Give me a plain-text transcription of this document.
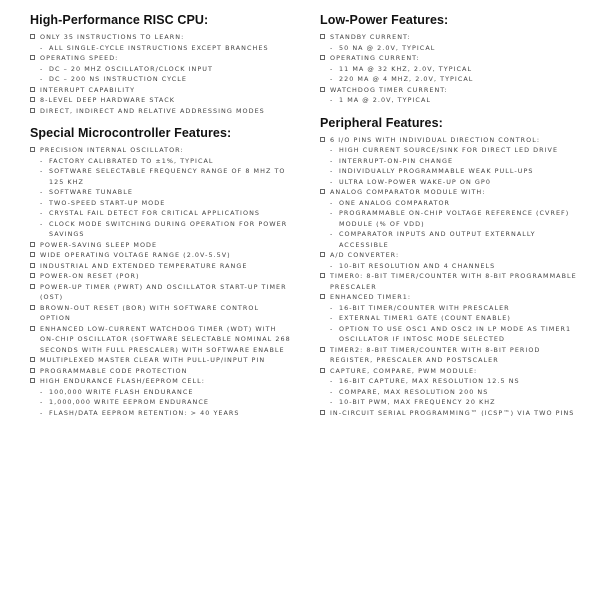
High-Performance RISC CPU:
ONLY 35 INSTRUCTIONS TO LEARN:
- ALL SINGLE-CYCLE INSTRUCTIONS EXCEPT BRANCHES
OPERATING SPEED:
- DC – 20 MHZ OSCILLATOR/CLOCK INPUT
- DC – 200 NS INSTRUCTION CYCLE
INTERRUPT CAPABILITY
8-LEVEL DEEP HARDWARE STACK
DIRECT, INDIRECT AND RELATIVE ADDRESSING MODES
Special Microcontroller Features:
PRECISION INTERNAL OSCILLATOR:
- FACTORY CALIBRATED TO ±1%, TYPICAL
- SOFTWARE SELECTABLE FREQUENCY RANGE OF 8 MHZ TO 125 KHZ
- SOFTWARE TUNABLE
- TWO-SPEED START-UP MODE
- CRYSTAL FAIL DETECT FOR CRITICAL APPLICATIONS
- CLOCK MODE SWITCHING DURING OPERATION FOR POWER SAVINGS
POWER-SAVING SLEEP MODE
WIDE OPERATING VOLTAGE RANGE (2.0V-5.5V)
INDUSTRIAL AND EXTENDED TEMPERATURE RANGE
POWER-ON RESET (POR)
POWER-UP TIMER (PWRT) AND OSCILLATOR START-UP TIMER (OST)
BROWN-OUT RESET (BOR) WITH SOFTWARE CONTROL OPTION
ENHANCED LOW-CURRENT WATCHDOG TIMER (WDT) WITH ON-CHIP OSCILLATOR (SOFTWARE SELECTABLE NOMINAL 268 SECONDS WITH FULL PRESCALER) WITH SOFTWARE ENABLE
MULTIPLEXED MASTER CLEAR WITH PULL-UP/INPUT PIN
PROGRAMMABLE CODE PROTECTION
HIGH ENDURANCE FLASH/EEPROM CELL:
- 100,000 WRITE FLASH ENDURANCE
- 1,000,000 WRITE EEPROM ENDURANCE
- FLASH/DATA EEPROM RETENTION: > 40 YEARS
Low-Power Features:
STANDBY CURRENT:
- 50 NA @ 2.0V, TYPICAL
OPERATING CURRENT:
- 11 ΜA @ 32 KHZ, 2.0V, TYPICAL
- 220 ΜA @ 4 MHZ, 2.0V, TYPICAL
WATCHDOG TIMER CURRENT:
- 1 ΜA @ 2.0V, TYPICAL
Peripheral Features:
6 I/O PINS WITH INDIVIDUAL DIRECTION CONTROL:
- HIGH CURRENT SOURCE/SINK FOR DIRECT LED DRIVE
- INTERRUPT-ON-PIN CHANGE
- INDIVIDUALLY PROGRAMMABLE WEAK PULL-UPS
- ULTRA LOW-POWER WAKE-UP ON GP0
ANALOG COMPARATOR MODULE WITH:
- ONE ANALOG COMPARATOR
- PROGRAMMABLE ON-CHIP VOLTAGE REFERENCE (CVREF) MODULE (% OF VDD)
- COMPARATOR INPUTS AND OUTPUT EXTERNALLY ACCESSIBLE
A/D CONVERTER:
- 10-BIT RESOLUTION AND 4 CHANNELS
TIMER0: 8-BIT TIMER/COUNTER WITH 8-BIT PROGRAMMABLE PRESCALER
ENHANCED TIMER1:
- 16-BIT TIMER/COUNTER WITH PRESCALER
- EXTERNAL TIMER1 GATE (COUNT ENABLE)
- OPTION TO USE OSC1 AND OSC2 IN LP MODE AS TIMER1 OSCILLATOR IF INTOSC MODE SELECTED
TIMER2: 8-BIT TIMER/COUNTER WITH 8-BIT PERIOD REGISTER, PRESCALER AND POSTSCALER
CAPTURE, COMPARE, PWM MODULE:
- 16-BIT CAPTURE, MAX RESOLUTION 12.5 NS
- COMPARE, MAX RESOLUTION 200 NS
- 10-BIT PWM, MAX FREQUENCY 20 KHZ
IN-CIRCUIT SERIAL PROGRAMMING™ (ICSP™) VIA TWO PINS
